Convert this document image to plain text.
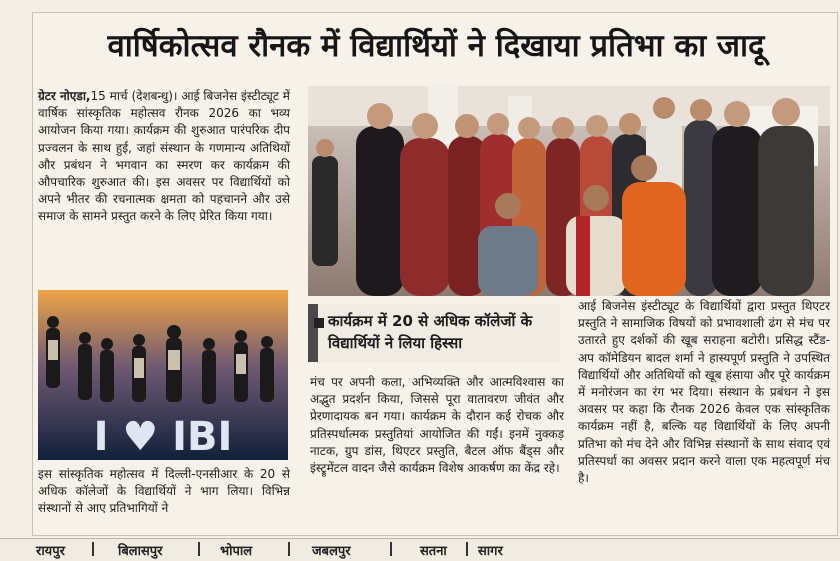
वार्षिकोत्सव रौनक में विद्यार्थियों ने दिखाया प्रतिभा का जादू
ग्रेटर नोएडा,15 मार्च (देशबन्धु)। आई बिजनेस इंस्टीट्यूट में वार्षिक सांस्कृतिक महोत्सव रौनक 2026 का भव्य आयोजन किया गया। कार्यक्रम की शुरुआत पारंपरिक दीप प्रज्वलन के साथ हुई, जहां संस्थान के गणमान्य अतिथियों और प्रबंधन ने भगवान का स्मरण कर कार्यक्रम की औपचारिक शुरुआत की। इस अवसर पर विद्यार्थियों को अपने भीतर की रचनात्मक क्षमता को पहचानने और उसे समाज के सामने प्रस्तुत करने के लिए प्रेरित किया गया।
I ♥ IBI
इस सांस्कृतिक महोत्सव में दिल्ली-एनसीआर के 20 से अधिक कॉलेजों के विद्यार्थियों ने भाग लिया। विभिन्न संस्थानों से आए प्रतिभागियों ने
कार्यक्रम में 20 से अधिक कॉलेजों के विद्यार्थियों ने लिया हिस्सा
मंच पर अपनी कला, अभिव्यक्ति और आत्मविश्वास का अद्भुत प्रदर्शन किया, जिससे पूरा वातावरण जीवंत और प्रेरणादायक बन गया। कार्यक्रम के दौरान कई रोचक और प्रतिस्पर्धात्मक प्रस्तुतियां आयोजित की गईं। इनमें नुक्कड़ नाटक, ग्रुप डांस, थिएटर प्रस्तुति, बैटल ऑफ बैंड्स और इंस्ट्रूमेंटल वादन जैसे कार्यक्रम विशेष आकर्षण का केंद्र रहे।
आई बिजनेस इंस्टीट्यूट के विद्यार्थियों द्वारा प्रस्तुत थिएटर प्रस्तुति ने सामाजिक विषयों को प्रभावशाली ढंग से मंच पर उतारते हुए दर्शकों की खूब सराहना बटोरी। प्रसिद्ध स्टैंड-अप कॉमेडियन बादल शर्मा ने हास्यपूर्ण प्रस्तुति ने उपस्थित विद्यार्थियों और अतिथियों को खूब हंसाया और पूरे कार्यक्रम में मनोरंजन का रंग भर दिया। संस्थान के प्रबंधन ने इस अवसर पर कहा कि रौनक 2026 केवल एक सांस्कृतिक कार्यक्रम नहीं है, बल्कि यह विद्यार्थियों के लिए अपनी प्रतिभा को मंच देने और विभिन्न संस्थानों के साथ संवाद एवं प्रतिस्पर्धा का अवसर प्रदान करने वाला एक महत्वपूर्ण मंच है।
रायपुर	बिलासपुर	भोपाल	जबलपुर	सतना सागर
